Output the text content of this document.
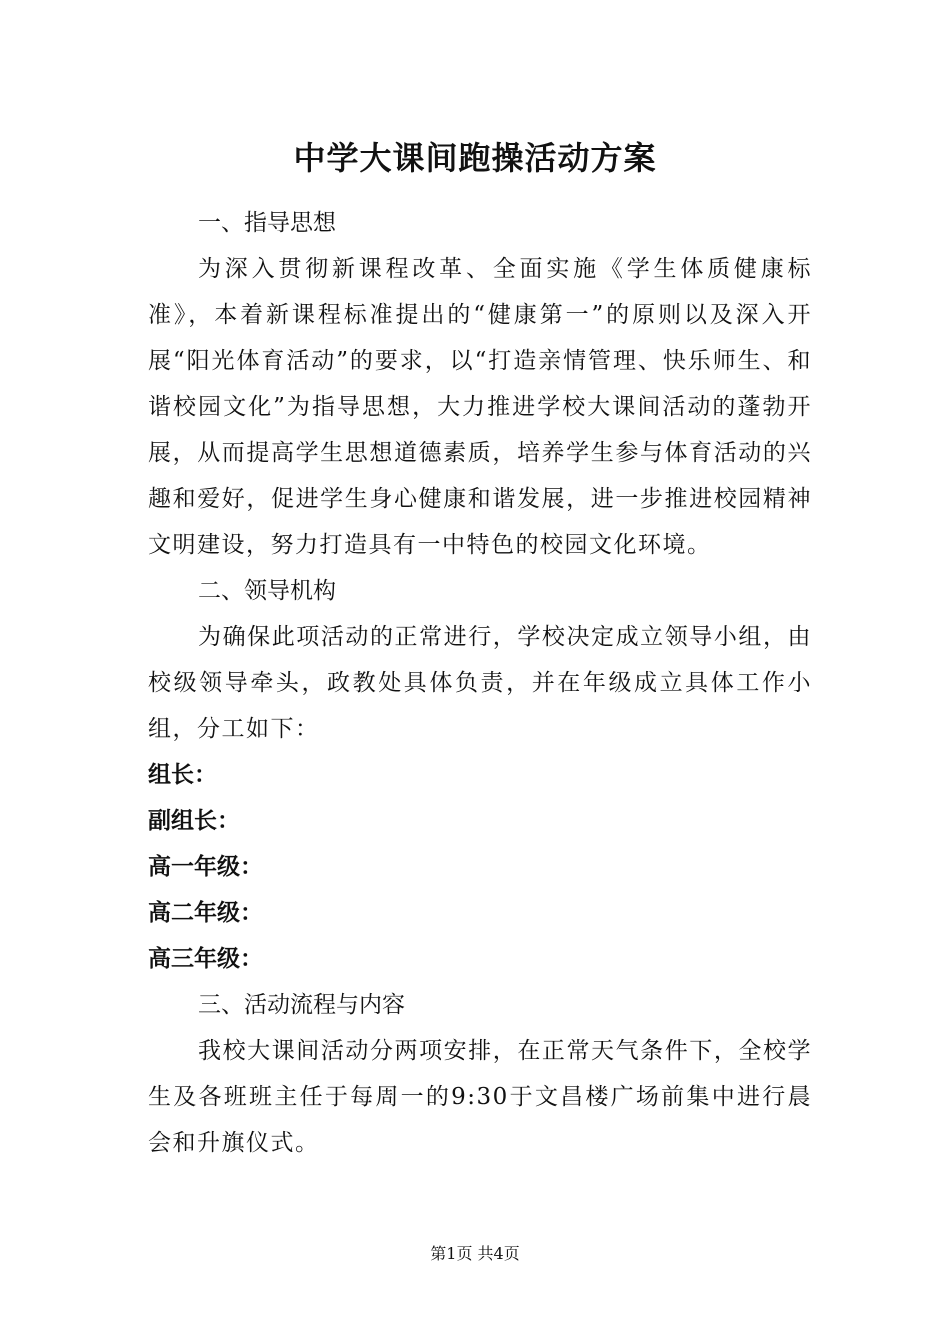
中学大课间跑操活动方案

一、指导思想

为深入贯彻新课程改革、全面实施《学生体质健康标准》，本着新课程标准提出的“健康第一”的原则以及深入开展“阳光体育活动”的要求，以“打造亲情管理、快乐师生、和谐校园文化”为指导思想，大力推进学校大课间活动的蓬勃开展，从而提高学生思想道德素质，培养学生参与体育活动的兴趣和爱好，促进学生身心健康和谐发展，进一步推进校园精神文明建设，努力打造具有一中特色的校园文化环境。

二、领导机构

为确保此项活动的正常进行，学校决定成立领导小组，由校级领导牵头，政教处具体负责，并在年级成立具体工作小组，分工如下：

组长：

副组长：

高一年级：

高二年级：

高三年级：

三、活动流程与内容

我校大课间活动分两项安排，在正常天气条件下，全校学生及各班班主任于每周一的9:30于文昌楼广场前集中进行晨会和升旗仪式。

第1页 共4页
